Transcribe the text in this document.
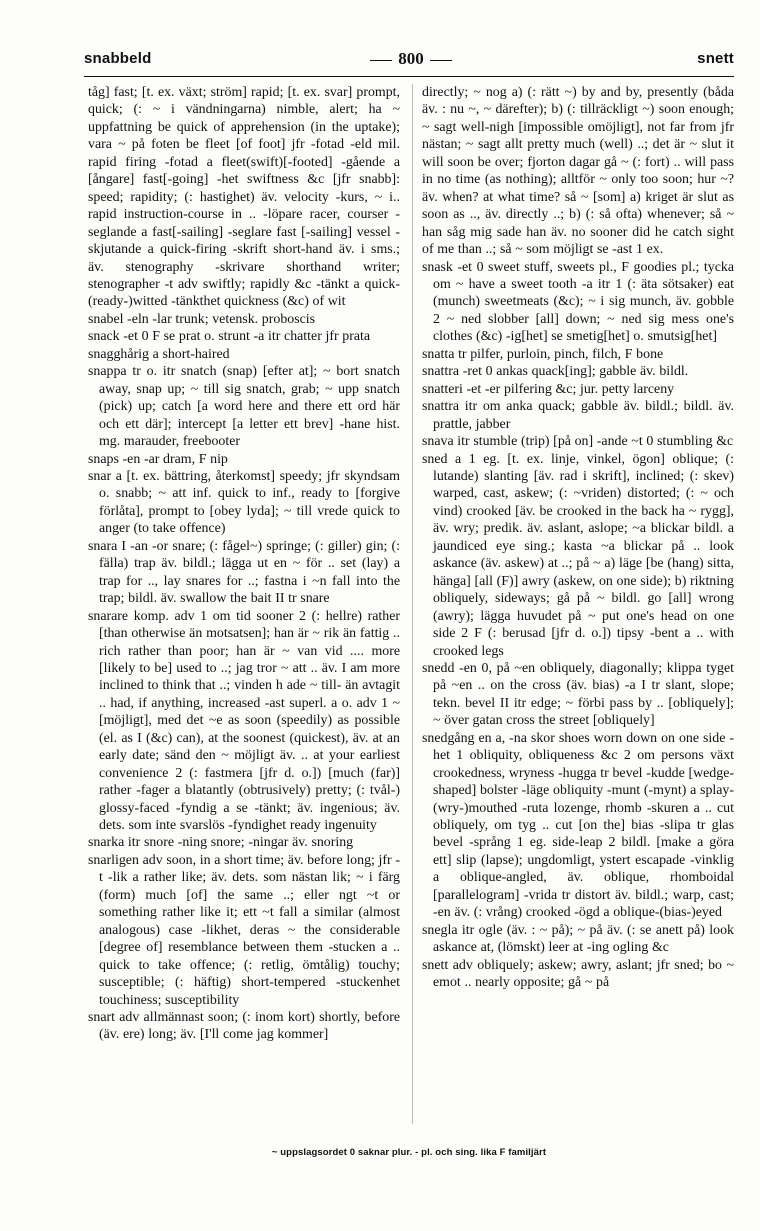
snabbeld	800	snett

tåg] fast; [t. ex. växt; ström] rapid; [t. ex. svar] prompt, quick; (: ~ i vändningarna) nimble, alert; ha ~ uppfattning be quick of apprehension (in the uptake); vara ~ på foten be fleet [of foot] jfr -fotad -eld mil. rapid firing -fotad a fleet(swift)[-footed] -gående a [ångare] fast[-going] -het swiftness &c [jfr snabb]: speed; rapidity; (: hastighet) äv. velocity -kurs, ~ i.. rapid instruction-course in .. -löpare racer, courser -seglande a fast[-sailing] -seglare fast [-sailing] vessel -skjutande a quick-firing -skrift short-hand äv. i sms.; äv. stenography -skrivare shorthand writer; stenographer -t adv swiftly; rapidly &c -tänkt a quick-(ready-)witted -tänkthet quickness (&c) of wit

snabel -eln -lar trunk; vetensk. proboscis

snack -et 0 F se prat o. strunt -a itr chatter jfr prata

snagghårig a short-haired

snappa tr o. itr snatch (snap) [efter at]; ~ bort snatch away, snap up; ~ till sig snatch, grab; ~ upp snatch (pick) up; catch [a word here and there ett ord här och ett där]; intercept [a letter ett brev] -hane hist. mg. marauder, freebooter

snaps -en -ar dram, F nip

snar a [t. ex. bättring, återkomst] speedy; jfr skyndsam o. snabb; ~ att inf. quick to inf., ready to [forgive förlåta], prompt to [obey lyda]; ~ till vrede quick to anger (to take offence)

snara I -an -or snare; (: fågel~) springe; (: giller) gin; (: fälla) trap äv. bildl.; lägga ut en ~ för .. set (lay) a trap for .., lay snares for ..; fastna i ~n fall into the trap; bildl. äv. swallow the bait II tr snare

snarare komp. adv 1 om tid sooner 2 (: hellre) rather [than otherwise än motsatsen]; han är ~ rik än fattig .. rich rather than poor; han är ~ van vid .... more [likely to be] used to ..; jag tror ~ att .. äv. I am more inclined to think that ..; vinden h ade ~ till- än avtagit .. had, if anything, increased -ast superl. a o. adv 1 ~ [möjligt], med det ~e as soon (speedily) as possible (el. as I (&c) can), at the soonest (quickest), äv. at an early date; sänd den ~ möjligt äv. .. at your earliest convenience 2 (: fastmera [jfr d. o.]) [much (far)] rather -fager a blatantly (obtrusively) pretty; (: tvål-) glossy-faced -fyndig a se -tänkt; äv. ingenious; äv. dets. som inte svarslös -fyndighet ready ingenuity

snarka itr snore -ning snore; -ningar äv. snoring

snarligen adv soon, in a short time; äv. before long; jfr -t -lik a rather like; äv. dets. som nästan lik; ~ i färg (form) much [of] the same ..; eller ngt ~t or something rather like it; ett ~t fall a similar (almost analogous) case -likhet, deras ~ the considerable [degree of] resemblance between them -stucken a .. quick to take offence; (: retlig, ömtålig) touchy; susceptible; (: häftig) short-tempered -stuckenhet touchiness; susceptibility

snart adv allmännast soon; (: inom kort) shortly, before (äv. ere) long; äv. [I'll come jag kommer]

directly; ~ nog a) (: rätt ~) by and by, presently (båda äv. : nu ~, ~ därefter); b) (: tillräckligt ~) soon enough; ~ sagt well-nigh [impossible omöjligt], not far from jfr nästan; ~ sagt allt pretty much (well) ..; det är ~ slut it will soon be over; fjorton dagar gå ~ (: fort) .. will pass in no time (as nothing); alltför ~ only too soon; hur ~? äv. when? at what time? så ~ [som] a) kriget är slut as soon as .., äv. directly ..; b) (: så ofta) whenever; så ~ han såg mig sade han äv. no sooner did he catch sight of me than ..; så ~ som möjligt se -ast 1 ex.

snask -et 0 sweet stuff, sweets pl., F goodies pl.; tycka om ~ have a sweet tooth -a itr 1 (: äta sötsaker) eat (munch) sweetmeats (&c); ~ i sig munch, äv. gobble 2 ~ ned slobber [all] down; ~ ned sig mess one's clothes (&c) -ig[het] se smetig[het] o. smutsig[het]

snatta tr pilfer, purloin, pinch, filch, F bone

snattra -ret 0 ankas quack[ing]; gabble äv. bildl.

snatteri -et -er pilfering &c; jur. petty larceny

snattra itr om anka quack; gabble äv. bildl.; bildl. äv. prattle, jabber

snava itr stumble (trip) [på on] -ande ~t 0 stumbling &c

sned a 1 eg. [t. ex. linje, vinkel, ögon] oblique; (: lutande) slanting [äv. rad i skrift], inclined; (: skev) warped, cast, askew; (: ~vriden) distorted; (: ~ och vind) crooked [äv. be crooked in the back ha ~ rygg], äv. wry; predik. äv. aslant, aslope; ~a blickar bildl. a jaundiced eye sing.; kasta ~a blickar på .. look askance (äv. askew) at ..; på ~ a) läge [be (hang) sitta, hänga] [all (F)] awry (askew, on one side); b) riktning obliquely, sideways; gå på ~ bildl. go [all] wrong (awry); lägga huvudet på ~ put one's head on one side 2 F (: berusad [jfr d. o.]) tipsy -bent a .. with crooked legs

snedd -en 0, på ~en obliquely, diagonally; klippa tyget på ~en .. on the cross (äv. bias) -a I tr slant, slope; tekn. bevel II itr edge; ~ förbi pass by .. [obliquely]; ~ över gatan cross the street [obliquely]

snedgång en a, -na skor shoes worn down on one side -het 1 obliquity, obliqueness &c 2 om persons växt crookedness, wryness -hugga tr bevel -kudde [wedge-shaped] bolster -läge obliquity -munt (-mynt) a splay-(wry-)mouthed -ruta lozenge, rhomb -skuren a .. cut obliquely, om tyg .. cut [on the] bias -slipa tr glas bevel -språng 1 eg. side-leap 2 bildl. [make a göra ett] slip (lapse); ungdomligt, ystert escapade -vinklig a oblique-angled, äv. oblique, rhomboidal [parallelogram] -vrida tr distort äv. bildl.; warp, cast; -en äv. (: vrång) crooked -ögd a oblique-(bias-)eyed

snegla itr ogle (äv. : ~ på); ~ på äv. (: se anett på) look askance at, (lömskt) leer at -ing ogling &c

snett adv obliquely; askew; awry, aslant; jfr sned; bo ~ emot .. nearly opposite; gå ~ på

~ uppslagsordet 0 saknar plur. - pl. och sing. lika F familjärt
